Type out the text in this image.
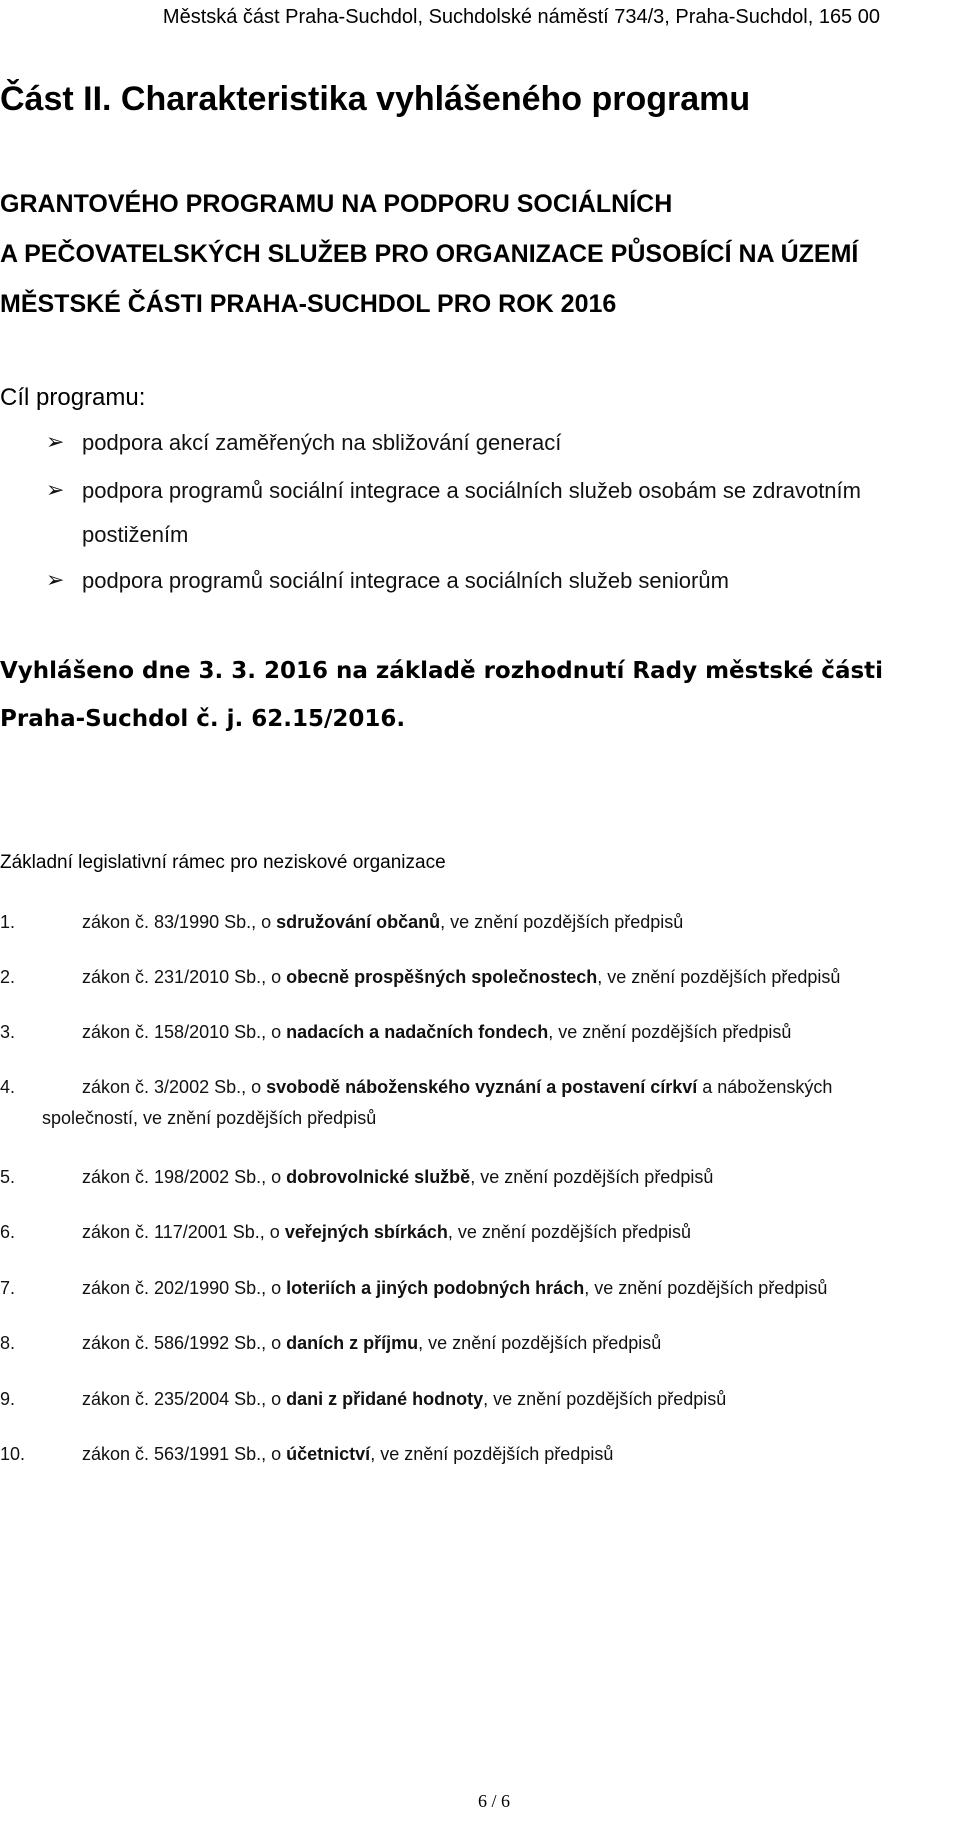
Městská část Praha-Suchdol, Suchdolské náměstí 734/3, Praha-Suchdol, 165 00
Část II. Charakteristika vyhlášeného programu
GRANTOVÉHO PROGRAMU NA PODPORU SOCIÁLNÍCH
A PEČOVATELSKÝCH SLUŽEB PRO ORGANIZACE PŮSOBÍCÍ NA ÚZEMÍ
MĚSTSKÉ ČÁSTI PRAHA-SUCHDOL PRO ROK 2016
Cíl programu:
➢ podpora akcí zaměřených na sbližování generací
➢ podpora programů sociální integrace a sociálních služeb osobám se zdravotním
postižením
➢ podpora programů sociální integrace a sociálních služeb seniorům
Vyhlášeno dne 3. 3. 2016 na základě rozhodnutí Rady městské části
Praha-Suchdol č. j. 62.15/2016.
Základní legislativní rámec pro neziskové organizace
1.	zákon č. 83/1990 Sb., o sdružování občanů, ve znění pozdějších předpisů
2.	zákon č. 231/2010 Sb., o obecně prospěšných společnostech, ve znění pozdějších předpisů
3.	zákon č. 158/2010 Sb., o nadacích a nadačních fondech, ve znění pozdějších předpisů
4.	zákon č. 3/2002 Sb., o svobodě náboženského vyznání a postavení církví a náboženských
společností, ve znění pozdějších předpisů
5.	zákon č. 198/2002 Sb., o dobrovolnické službě, ve znění pozdějších předpisů
6.	zákon č. 117/2001 Sb., o veřejných sbírkách, ve znění pozdějších předpisů
7.	zákon č. 202/1990 Sb., o loteriích a jiných podobných hrách, ve znění pozdějších předpisů
8.	zákon č. 586/1992 Sb., o daních z příjmu, ve znění pozdějších předpisů
9.	zákon č. 235/2004 Sb., o dani z přidané hodnoty, ve znění pozdějších předpisů
10.	zákon č. 563/1991 Sb., o účetnictví, ve znění pozdějších předpisů
6 / 6
